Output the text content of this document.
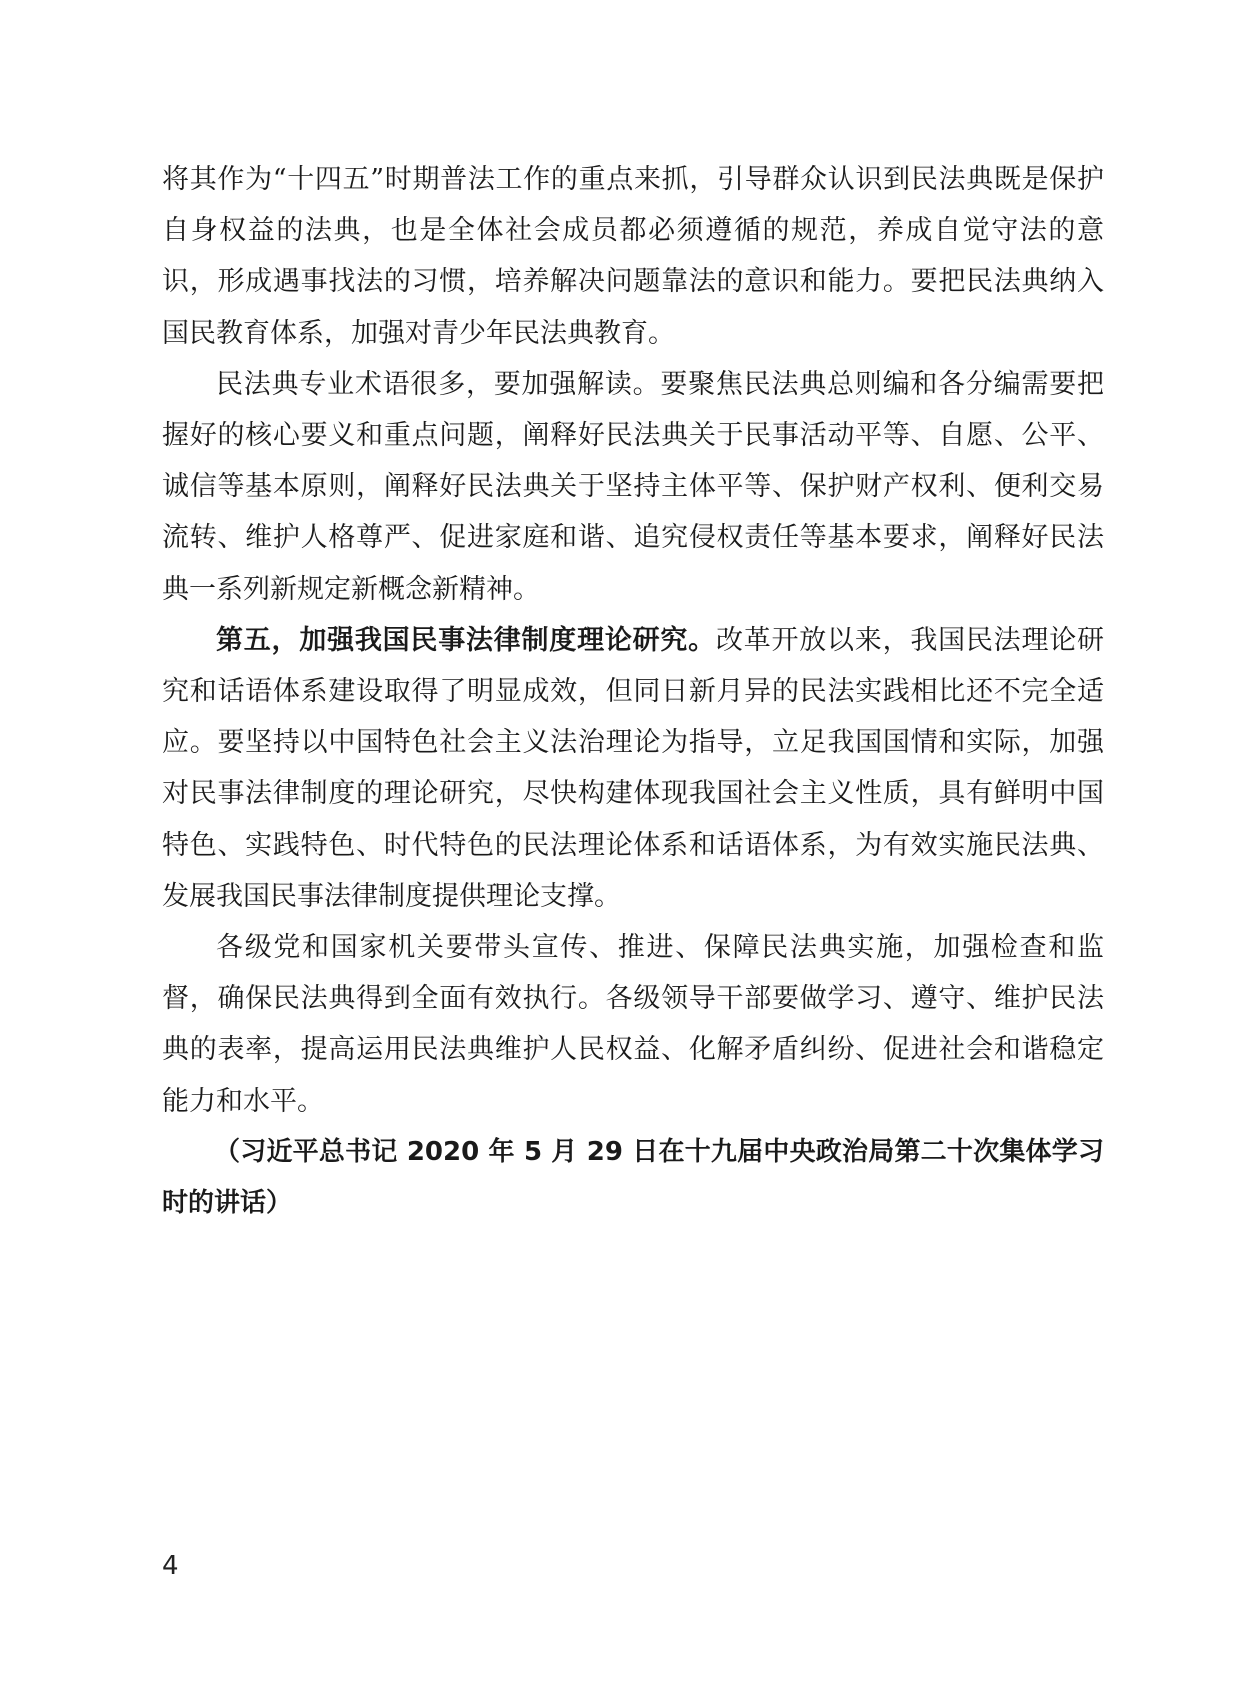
将其作为“十四五”时期普法工作的重点来抓，引导群众认识到民法典既是保护自身权益的法典，也是全体社会成员都必须遵循的规范，养成自觉守法的意识，形成遇事找法的习惯，培养解决问题靠法的意识和能力。要把民法典纳入国民教育体系，加强对青少年民法典教育。

民法典专业术语很多，要加强解读。要聚焦民法典总则编和各分编需要把握好的核心要义和重点问题，阐释好民法典关于民事活动平等、自愿、公平、诚信等基本原则，阐释好民法典关于坚持主体平等、保护财产权利、便利交易流转、维护人格尊严、促进家庭和谐、追究侵权责任等基本要求，阐释好民法典一系列新规定新概念新精神。

第五，加强我国民事法律制度理论研究。改革开放以来，我国民法理论研究和话语体系建设取得了明显成效，但同日新月异的民法实践相比还不完全适应。要坚持以中国特色社会主义法治理论为指导，立足我国国情和实际，加强对民事法律制度的理论研究，尽快构建体现我国社会主义性质，具有鲜明中国特色、实践特色、时代特色的民法理论体系和话语体系，为有效实施民法典、发展我国民事法律制度提供理论支撑。

各级党和国家机关要带头宣传、推进、保障民法典实施，加强检查和监督，确保民法典得到全面有效执行。各级领导干部要做学习、遵守、维护民法典的表率，提高运用民法典维护人民权益、化解矛盾纠纷、促进社会和谐稳定能力和水平。

（习近平总书记 2020 年 5 月 29 日在十九届中央政治局第二十次集体学习时的讲话）

4
